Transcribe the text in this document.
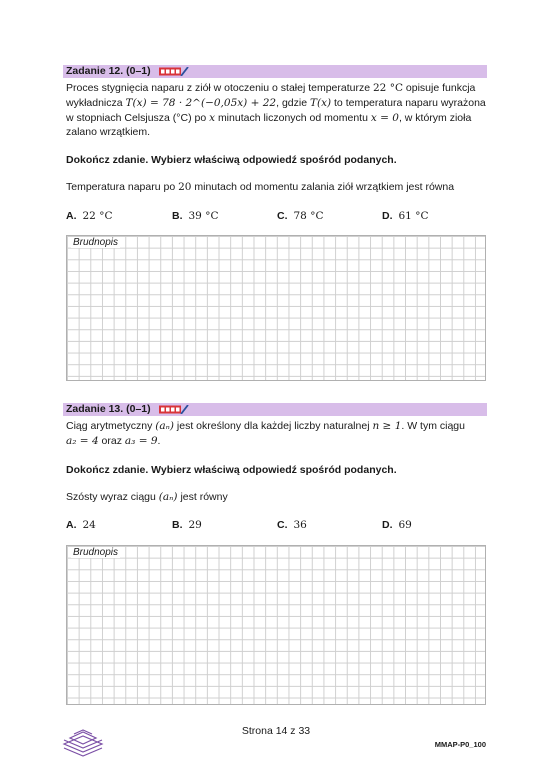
Zadanie 12. (0–1)
Proces stygnięcia naparu z ziół w otoczeniu o stałej temperaturze 22 °C opisuje funkcja
wykładnicza T(x) = 78 · 2^(−0,05x) + 22, gdzie T(x) to temperatura naparu wyrażona
w stopniach Celsjusza (°C) po x minutach liczonych od momentu x = 0, w którym zioła
zalano wrzątkiem.
Dokończ zdanie. Wybierz właściwą odpowiedź spośród podanych.
Temperatura naparu po 20 minutach od momentu zalania ziół wrzątkiem jest równa
A. 22 °C	B. 39 °C	C. 78 °C	D. 61 °C
Brudnopis
Zadanie 13. (0–1)
Ciąg arytmetyczny (aₙ) jest określony dla każdej liczby naturalnej n ≥ 1. W tym ciągu
a₂ = 4 oraz a₃ = 9.
Dokończ zdanie. Wybierz właściwą odpowiedź spośród podanych.
Szósty wyraz ciągu (aₙ) jest równy
A. 24	B. 29	C. 36	D. 69
Brudnopis
Strona 14 z 33
MMAP-P0_100
